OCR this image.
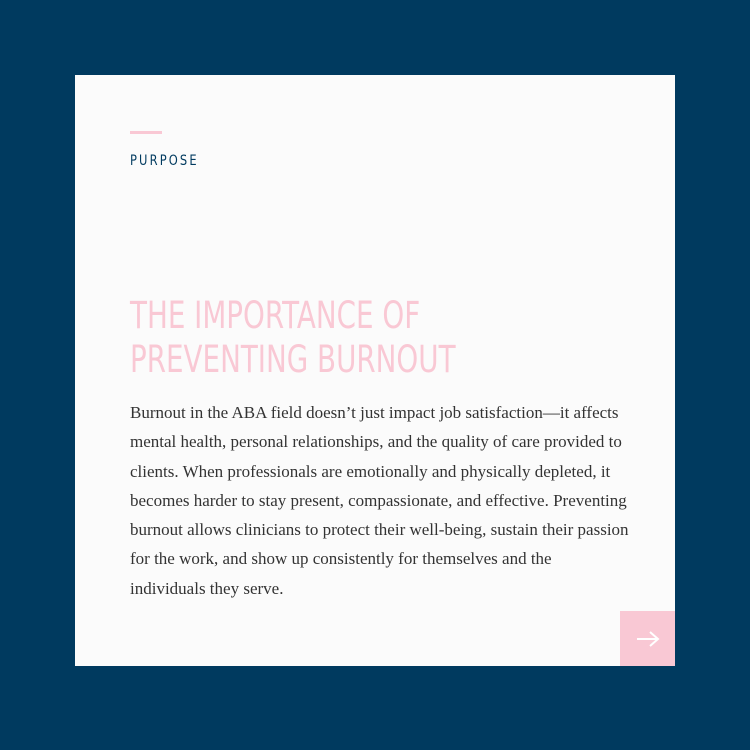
PURPOSE
THE IMPORTANCE OF
PREVENTING BURNOUT

Burnout in the ABA field doesn’t just impact job satisfaction—it affects mental health, personal relationships, and the quality of care provided to clients. When professionals are emotionally and physically depleted, it becomes harder to stay present, compassionate, and effective. Preventing burnout allows clinicians to protect their well-being, sustain their passion for the work, and show up consistently for themselves and the individuals they serve.
